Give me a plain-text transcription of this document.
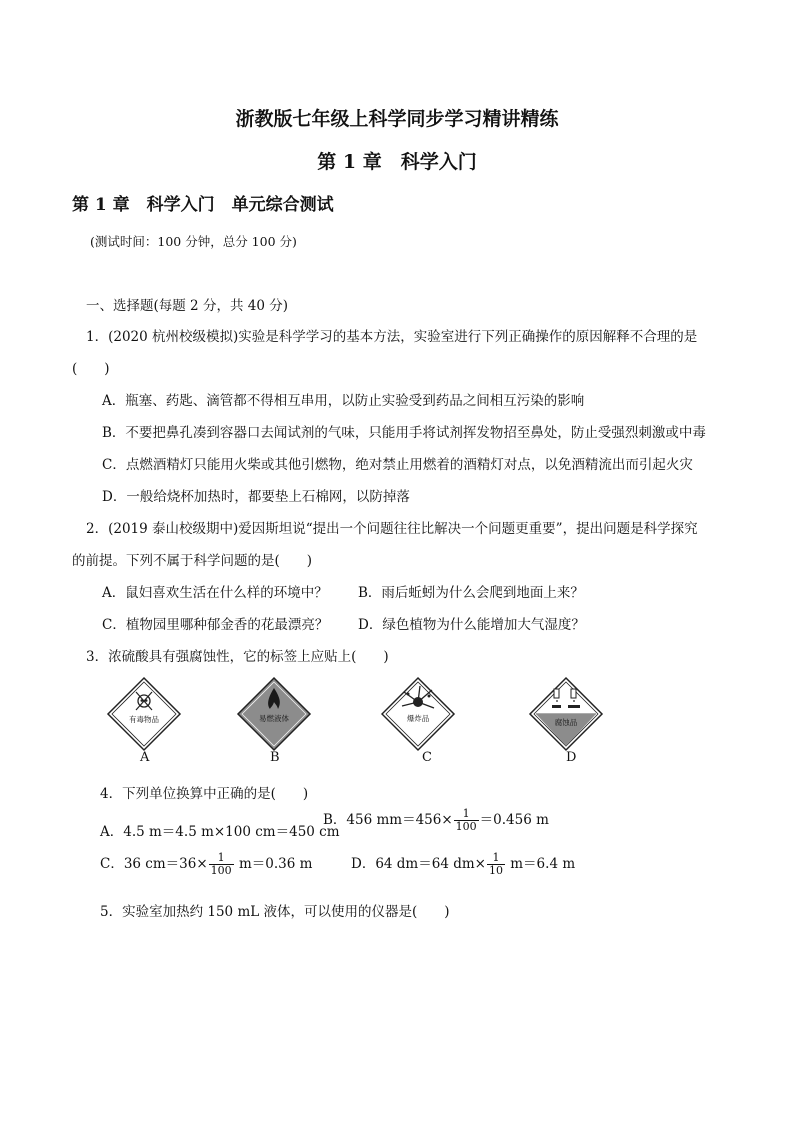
浙教版七年级上科学同步学习精讲精练
第 1 章　科学入门
第 1 章　科学入门　单元综合测试
(测试时间：100 分钟，总分 100 分)
一、选择题(每题 2 分，共 40 分)
1．(2020 杭州校级模拟)实验是科学学习的基本方法，实验室进行下列正确操作的原因解释不合理的是
(　　)
A．瓶塞、药匙、滴管都不得相互串用，以防止实验受到药品之间相互污染的影响
B．不要把鼻孔凑到容器口去闻试剂的气味，只能用手将试剂挥发物招至鼻处，防止受强烈刺激或中毒
C．点燃酒精灯只能用火柴或其他引燃物，绝对禁止用燃着的酒精灯对点，以免酒精流出而引起火灾
D．一般给烧杯加热时，都要垫上石棉网，以防掉落
2．(2019 泰山校级期中)爱因斯坦说“提出一个问题往往比解决一个问题更重要”，提出问题是科学探究
的前提。下列不属于科学问题的是(　　)
A．鼠妇喜欢生活在什么样的环境中？ B．雨后蚯蚓为什么会爬到地面上来？
C．植物园里哪种郁金香的花最漂亮？ D．绿色植物为什么能增加大气湿度？
3．浓硫酸具有强腐蚀性，它的标签上应贴上(　　)
有毒物品	易燃液体	爆炸品	腐蚀品
A	B	C	D
4．下列单位换算中正确的是(　　)
A．4.5 m＝4.5 m×100 cm＝450 cm
B．456 $mm=456\times \frac{1}{100} =0.456$ m
C．36 $cm=36\times \frac{1}{100} m=0.36$ m	D．64 dm＝64 $dm\times \frac{1}{10} m=6.4$ m
5．实验室加热约 150 mL 液体，可以使用的仪器是(　　)
